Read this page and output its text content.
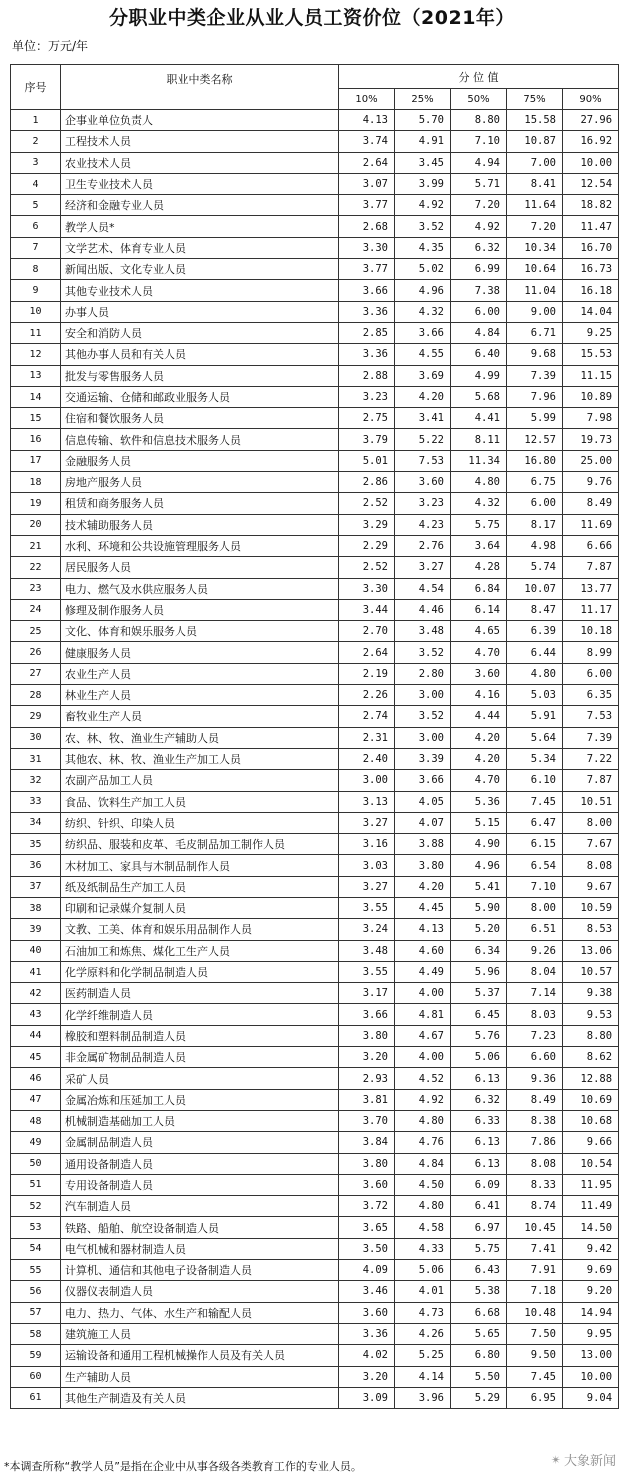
分职业中类企业从业人员工资价位（2021年）
单位：万元/年
序号	职业中类名称	分 位 值				
		10%	25%	50%	75%	90%
1	企事业单位负责人	4.13	5.70	8.80	15.58	27.96
2	工程技术人员	3.74	4.91	7.10	10.87	16.92
3	农业技术人员	2.64	3.45	4.94	7.00	10.00
4	卫生专业技术人员	3.07	3.99	5.71	8.41	12.54
5	经济和金融专业人员	3.77	4.92	7.20	11.64	18.82
6	教学人员*	2.68	3.52	4.92	7.20	11.47
7	文学艺术、体育专业人员	3.30	4.35	6.32	10.34	16.70
8	新闻出版、文化专业人员	3.77	5.02	6.99	10.64	16.73
9	其他专业技术人员	3.66	4.96	7.38	11.04	16.18
10	办事人员	3.36	4.32	6.00	9.00	14.04
11	安全和消防人员	2.85	3.66	4.84	6.71	9.25
12	其他办事人员和有关人员	3.36	4.55	6.40	9.68	15.53
13	批发与零售服务人员	2.88	3.69	4.99	7.39	11.15
14	交通运输、仓储和邮政业服务人员	3.23	4.20	5.68	7.96	10.89
15	住宿和餐饮服务人员	2.75	3.41	4.41	5.99	7.98
16	信息传输、软件和信息技术服务人员	3.79	5.22	8.11	12.57	19.73
17	金融服务人员	5.01	7.53	11.34	16.80	25.00
18	房地产服务人员	2.86	3.60	4.80	6.75	9.76
19	租赁和商务服务人员	2.52	3.23	4.32	6.00	8.49
20	技术辅助服务人员	3.29	4.23	5.75	8.17	11.69
21	水利、环境和公共设施管理服务人员	2.29	2.76	3.64	4.98	6.66
22	居民服务人员	2.52	3.27	4.28	5.74	7.87
23	电力、燃气及水供应服务人员	3.30	4.54	6.84	10.07	13.77
24	修理及制作服务人员	3.44	4.46	6.14	8.47	11.17
25	文化、体育和娱乐服务人员	2.70	3.48	4.65	6.39	10.18
26	健康服务人员	2.64	3.52	4.70	6.44	8.99
27	农业生产人员	2.19	2.80	3.60	4.80	6.00
28	林业生产人员	2.26	3.00	4.16	5.03	6.35
29	畜牧业生产人员	2.74	3.52	4.44	5.91	7.53
30	农、林、牧、渔业生产辅助人员	2.31	3.00	4.20	5.64	7.39
31	其他农、林、牧、渔业生产加工人员	2.40	3.39	4.20	5.34	7.22
32	农副产品加工人员	3.00	3.66	4.70	6.10	7.87
33	食品、饮料生产加工人员	3.13	4.05	5.36	7.45	10.51
34	纺织、针织、印染人员	3.27	4.07	5.15	6.47	8.00
35	纺织品、服装和皮革、毛皮制品加工制作人员	3.16	3.88	4.90	6.15	7.67
36	木材加工、家具与木制品制作人员	3.03	3.80	4.96	6.54	8.08
37	纸及纸制品生产加工人员	3.27	4.20	5.41	7.10	9.67
38	印刷和记录媒介复制人员	3.55	4.45	5.90	8.00	10.59
39	文教、工美、体育和娱乐用品制作人员	3.24	4.13	5.20	6.51	8.53
40	石油加工和炼焦、煤化工生产人员	3.48	4.60	6.34	9.26	13.06
41	化学原料和化学制品制造人员	3.55	4.49	5.96	8.04	10.57
42	医药制造人员	3.17	4.00	5.37	7.14	9.38
43	化学纤维制造人员	3.66	4.81	6.45	8.03	9.53
44	橡胶和塑料制品制造人员	3.80	4.67	5.76	7.23	8.80
45	非金属矿物制品制造人员	3.20	4.00	5.06	6.60	8.62
46	采矿人员	2.93	4.52	6.13	9.36	12.88
47	金属冶炼和压延加工人员	3.81	4.92	6.32	8.49	10.69
48	机械制造基础加工人员	3.70	4.80	6.33	8.38	10.68
49	金属制品制造人员	3.84	4.76	6.13	7.86	9.66
50	通用设备制造人员	3.80	4.84	6.13	8.08	10.54
51	专用设备制造人员	3.60	4.50	6.09	8.33	11.95
52	汽车制造人员	3.72	4.80	6.41	8.74	11.49
53	铁路、船舶、航空设备制造人员	3.65	4.58	6.97	10.45	14.50
54	电气机械和器材制造人员	3.50	4.33	5.75	7.41	9.42
55	计算机、通信和其他电子设备制造人员	4.09	5.06	6.43	7.91	9.69
56	仪器仪表制造人员	3.46	4.01	5.38	7.18	9.20
57	电力、热力、气体、水生产和输配人员	3.60	4.73	6.68	10.48	14.94
58	建筑施工人员	3.36	4.26	5.65	7.50	9.95
59	运输设备和通用工程机械操作人员及有关人员	4.02	5.25	6.80	9.50	13.00
60	生产辅助人员	3.20	4.14	5.50	7.45	10.00
61	其他生产制造及有关人员	3.09	3.96	5.29	6.95	9.04
*本调查所称“教学人员”是指在企业中从事各级各类教育工作的专业人员。	✴ 大象新闻
